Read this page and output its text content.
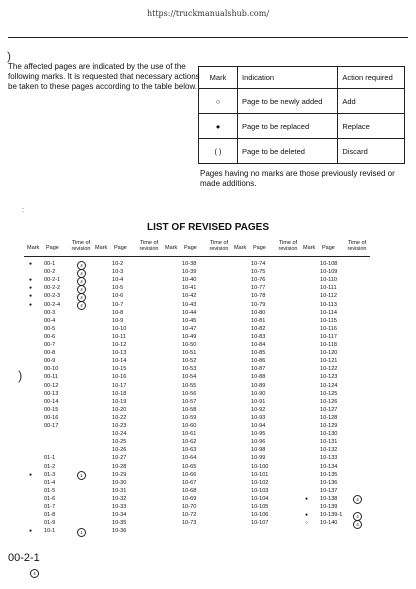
https://truckmanualshub.com/
)
:
)
The affected pages are indicated by the use of the following marks. It is requested that necessary actions be taken to these pages according to the table below.
Mark	Indication	Action required
○	Page to be newly added	Add
●	Page to be replaced	Replace
( )	Page to be deleted	Discard
Pages having no marks are those previously revised or made additions.
LIST OF REVISED PAGES
Mark Page
Time of revision
● 00-1	4
00-2	4
● 00-2-1	4
● 00-2-2	4
● 00-2-3	4
● 00-2-4	4
00-3
00-4
00-5
00-6
00-7
00-8
00-9
00-10
00-11
00-12
00-13
00-14
00-15
00-16
00-17
01-1
01-2
● 01-3	1
01-4
01-5
01-6
01-7
01-8
01-9
● 10-1	1
Mark Page
Time of revision
10-2
10-3
10-4
10-5
10-6
10-7
10-8
10-9
10-10
10-11
10-12
10-13
10-14
10-15
10-16
10-17
10-18
10-19
10-20
10-22
10-23
10-24
10-25
10-26
10-27
10-28
10-29
10-30
10-31
10-32
10-33
10-34
10-35
10-36
Mark Page
Time of revision
10-38
10-39
10-40
10-41
10-42
10-43
10-44
10-45
10-47
10-49
10-50
10-51
10-52
10-53
10-54
10-55
10-56
10-57
10-58
10-59
10-60
10-61
10-62
10-63
10-64
10-65
10-66
10-67
10-68
10-69
10-70
10-72
10-73
Mark Page
Time of revision
10-74
10-75
10-76
10-77
10-78
10-79
10-80
10-81
10-82
10-83
10-84
10-85
10-86
10-87
10-88
10-89
10-90
10-91
10-92
10-93
10-94
10-95
10-96
10-98
10-99
10-100
10-101
10-102
10-103
10-104
10-105
10-106
10-107
Mark Page
Time of revision
10-108
10-109
10-110
10-111
10-112
10-113
10-114
10-115
10-116
10-117
10-118
10-120
10-121
10-122
10-123
10-124
10-125
10-126
10-127
10-128
10-129
10-130
10-131
10-132
10-133
10-134
10-135
10-136
10-137
● 10-138	4
10-139
● 10-139-1	4
○ 10-140	4
00-2-1
4
